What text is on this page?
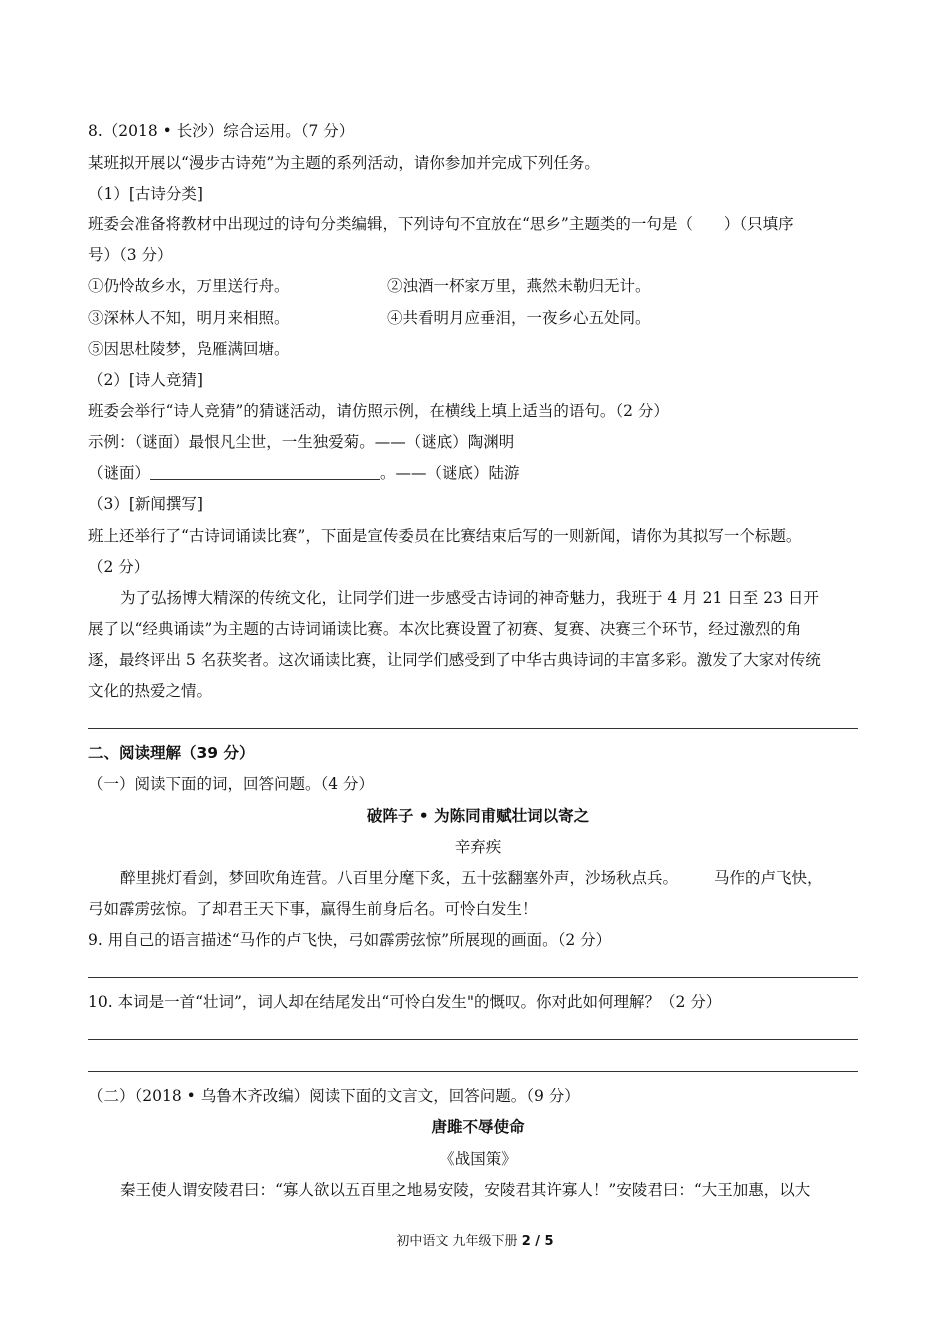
8.（2018 • 长沙）综合运用。（7 分）
某班拟开展以“漫步古诗苑”为主题的系列活动，请你参加并完成下列任务。
（1）[古诗分类]
班委会准备将教材中出现过的诗句分类编辑，下列诗句不宜放在“思乡”主题类的一句是（　　）（只填序
号）（3 分）
①仍怜故乡水，万里送行舟。	②浊酒一杯家万里，燕然未勒归无计。
③深林人不知，明月来相照。	④共看明月应垂泪，一夜乡心五处同。
⑤因思杜陵梦，凫雁满回塘。
（2）[诗人竞猜]
班委会举行“诗人竞猜”的猜谜活动，请仿照示例，在横线上填上适当的语句。（2 分）
示例：（谜面）最恨凡尘世，一生独爱菊。——（谜底）陶渊明
（谜面）	。——（谜底）陆游
（3）[新闻撰写]
班上还举行了“古诗词诵读比赛”，下面是宣传委员在比赛结束后写的一则新闻，请你为其拟写一个标题。
（2 分）
为了弘扬博大精深的传统文化，让同学们进一步感受古诗词的神奇魅力，我班于 4 月 21 日至 23 日开
展了以“经典诵读”为主题的古诗词诵读比赛。本次比赛设置了初赛、复赛、决赛三个环节，经过激烈的角
逐，最终评出 5 名获奖者。这次诵读比赛，让同学们感受到了中华古典诗词的丰富多彩。激发了大家对传统
文化的热爱之情。
二、阅读理解（39 分）
（一）阅读下面的词，回答问题。（4 分）
破阵子 • 为陈同甫赋壮词以寄之
辛弃疾
醉里挑灯看剑，梦回吹角连营。八百里分麾下炙，五十弦翻塞外声，沙场秋点兵。 马作的卢飞快，
弓如霹雳弦惊。了却君王天下事，赢得生前身后名。可怜白发生！
9. 用自己的语言描述“马作的卢飞快，弓如霹雳弦惊”所展现的画面。（2 分）
10. 本词是一首“壮词”，词人却在结尾发出“可怜白发生"的慨叹。你对此如何理解？（2 分）
（二）（2018 • 乌鲁木齐改编）阅读下面的文言文，回答问题。（9 分）
唐雎不辱使命
《战国策》
秦王使人谓安陵君曰：“寡人欲以五百里之地易安陵，安陵君其许寡人！”安陵君曰：“大王加惠，以大
初中语文 九年级下册 2 / 5
